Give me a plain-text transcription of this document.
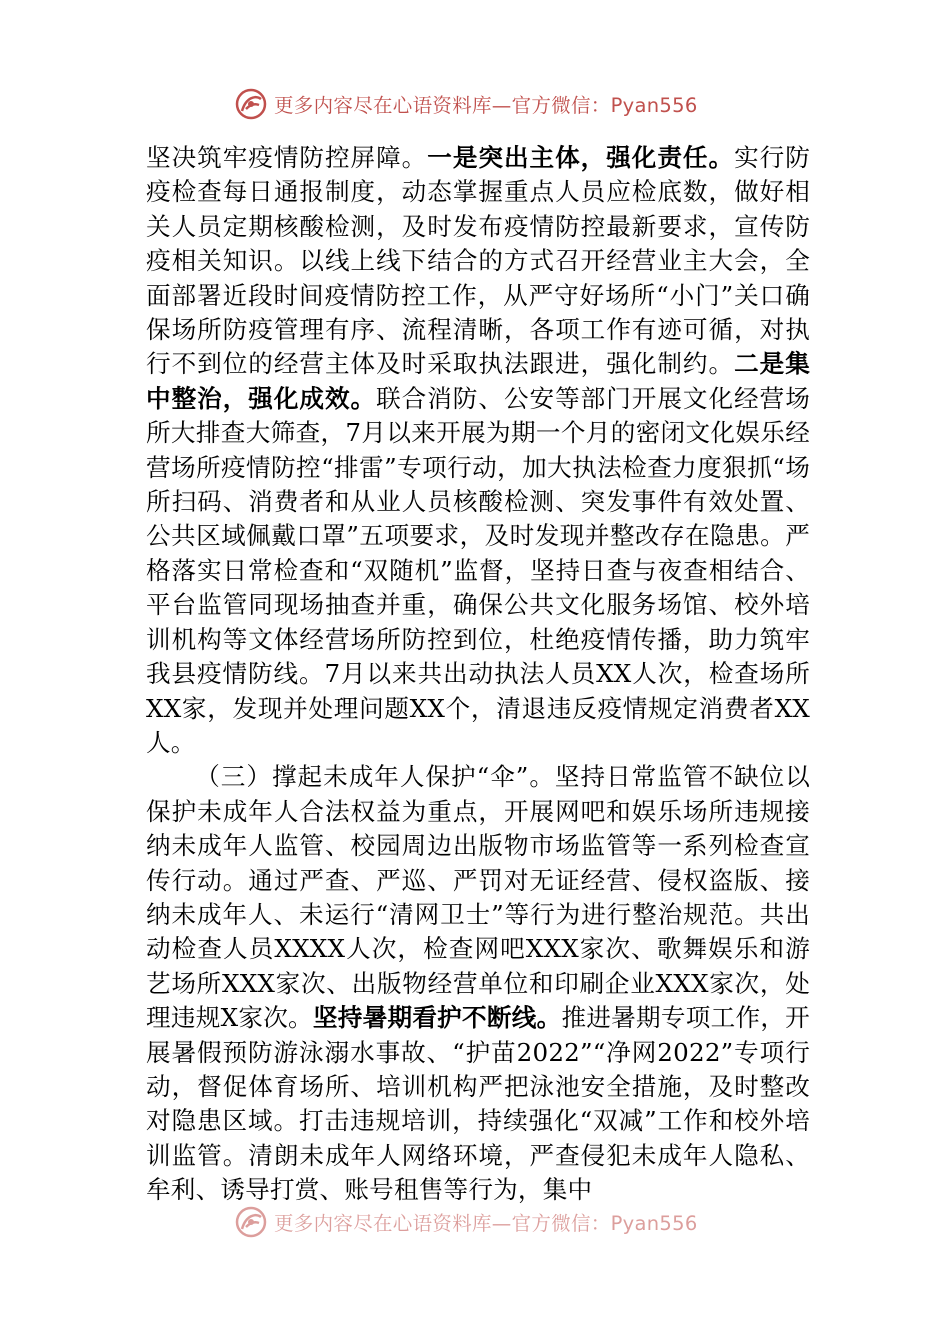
更多内容尽在心语资料库—官方微信：Pyan556

坚决筑牢疫情防控屏障。一是突出主体，强化责任。实行防疫检查每日通报制度，动态掌握重点人员应检底数，做好相关人员定期核酸检测，及时发布疫情防控最新要求，宣传防疫相关知识。以线上线下结合的方式召开经营业主大会，全面部署近段时间疫情防控工作，从严守好场所“小门”关口确保场所防疫管理有序、流程清晰，各项工作有迹可循，对执行不到位的经营主体及时采取执法跟进，强化制约。二是集中整治，强化成效。联合消防、公安等部门开展文化经营场所大排查大筛查，7月以来开展为期一个月的密闭文化娱乐经营场所疫情防控“排雷”专项行动，加大执法检查力度狠抓“场所扫码、消费者和从业人员核酸检测、突发事件有效处置、公共区域佩戴口罩”五项要求，及时发现并整改存在隐患。严格落实日常检查和“双随机”监督，坚持日查与夜查相结合、平台监管同现场抽查并重，确保公共文化服务场馆、校外培训机构等文体经营场所防控到位，杜绝疫情传播，助力筑牢我县疫情防线。7月以来共出动执法人员XX人次，检查场所XX家，发现并处理问题XX个，清退违反疫情规定消费者XX人。

（三）撑起未成年人保护“伞”。坚持日常监管不缺位以保护未成年人合法权益为重点，开展网吧和娱乐场所违规接纳未成年人监管、校园周边出版物市场监管等一系列检查宣传行动。通过严查、严巡、严罚对无证经营、侵权盗版、接纳未成年人、未运行“清网卫士”等行为进行整治规范。共出动检查人员XXXX人次，检查网吧XXX家次、歌舞娱乐和游艺场所XXX家次、出版物经营单位和印刷企业XXX家次，处理违规X家次。坚持暑期看护不断线。推进暑期专项工作，开展暑假预防游泳溺水事故、“护苗2022”“净网2022”专项行动，督促体育场所、培训机构严把泳池安全措施，及时整改对隐患区域。打击违规培训，持续强化“双减”工作和校外培训监管。清朗未成年人网络环境，严查侵犯未成年人隐私、牟利、诱导打赏、账号租售等行为，集中

更多内容尽在心语资料库—官方微信：Pyan556
